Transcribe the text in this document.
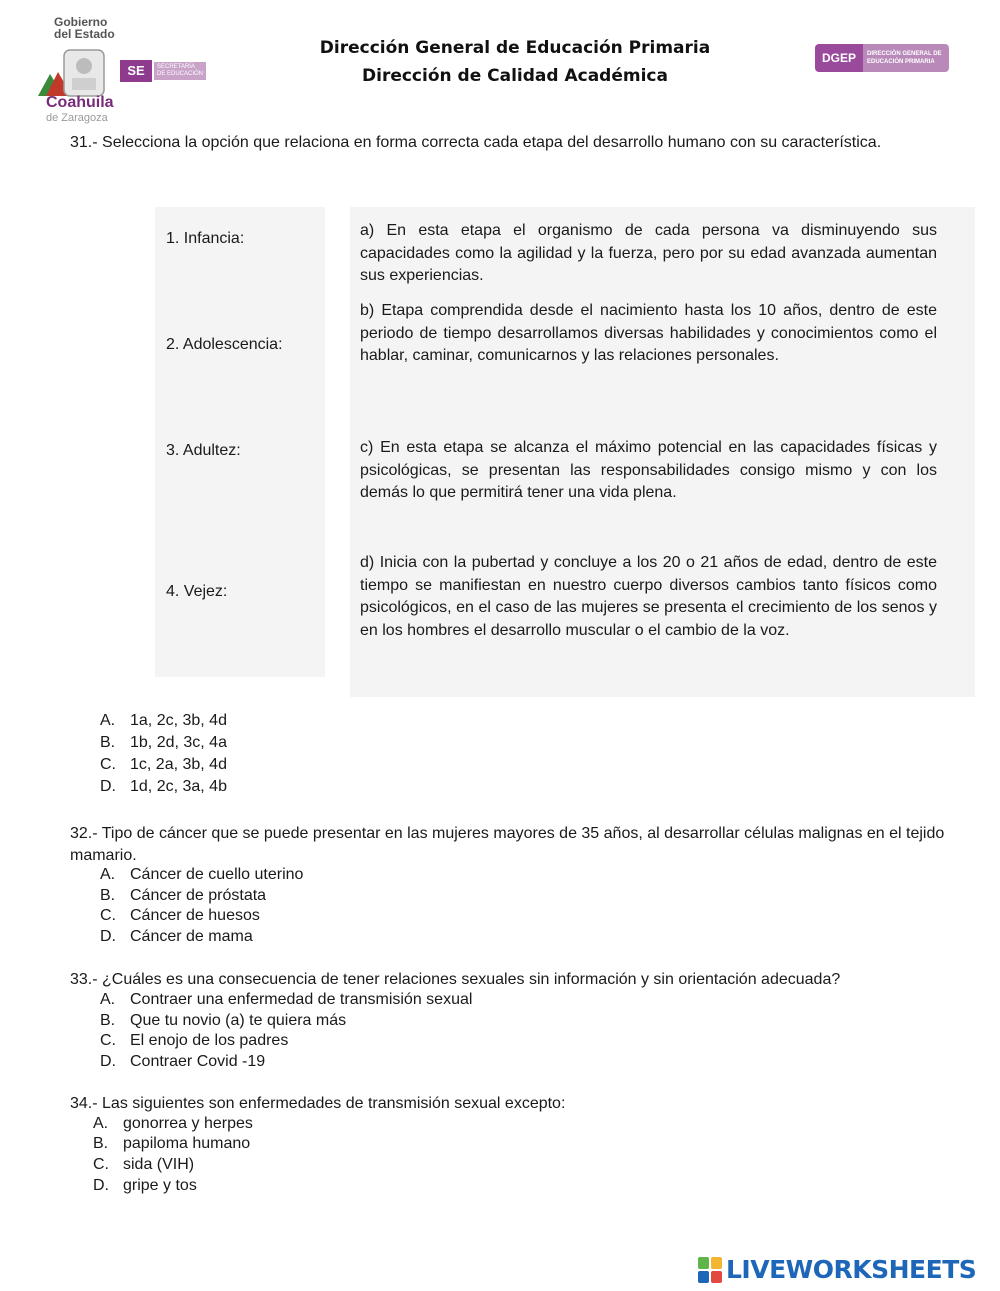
Gobierno
del Estado
Coahuila
de Zaragoza
SE	SECRETARÍA DE EDUCACIÓN
Dirección General de Educación Primaria
Dirección de Calidad Académica
DGEP	DIRECCIÓN GENERAL DE EDUCACIÓN PRIMARIA
31.- Selecciona la opción que relaciona en forma correcta cada etapa del desarrollo humano con su característica.
1. Infancia:
2. Adolescencia:
3. Adultez:
4. Vejez:
a) En esta etapa el organismo de cada persona va disminuyendo sus capacidades como la agilidad y la fuerza, pero por su edad avanzada aumentan sus experiencias.
b) Etapa comprendida desde el nacimiento hasta los 10 años, dentro de este periodo de tiempo desarrollamos diversas habilidades y conocimientos como el hablar, caminar, comunicarnos y las relaciones personales.
c) En esta etapa se alcanza el máximo potencial en las capacidades físicas y psicológicas, se presentan las responsabilidades consigo mismo y con los demás lo que permitirá tener una vida plena.
d) Inicia con la pubertad y concluye a los 20 o 21 años de edad, dentro de este tiempo se manifiestan en nuestro cuerpo diversos cambios tanto físicos como psicológicos, en el caso de las mujeres se presenta el crecimiento de los senos y en los hombres el desarrollo muscular o el cambio de la voz.
A. 1a, 2c, 3b, 4d
B. 1b, 2d, 3c, 4a
C. 1c, 2a, 3b, 4d
D. 1d, 2c, 3a, 4b
32.- Tipo de cáncer que se puede presentar en las mujeres mayores de 35 años, al desarrollar células malignas en el tejido mamario.
A. Cáncer de cuello uterino
B. Cáncer de próstata
C. Cáncer de huesos
D. Cáncer de mama
33.- ¿Cuáles es una consecuencia de tener relaciones sexuales sin información y sin orientación adecuada?
A. Contraer una enfermedad de transmisión sexual
B. Que tu novio (a) te quiera más
C. El enojo de los padres
D. Contraer Covid -19
34.- Las siguientes son enfermedades de transmisión sexual excepto:
A. gonorrea y herpes
B. papiloma humano
C. sida (VIH)
D. gripe y tos
LIVEWORKSHEETS
